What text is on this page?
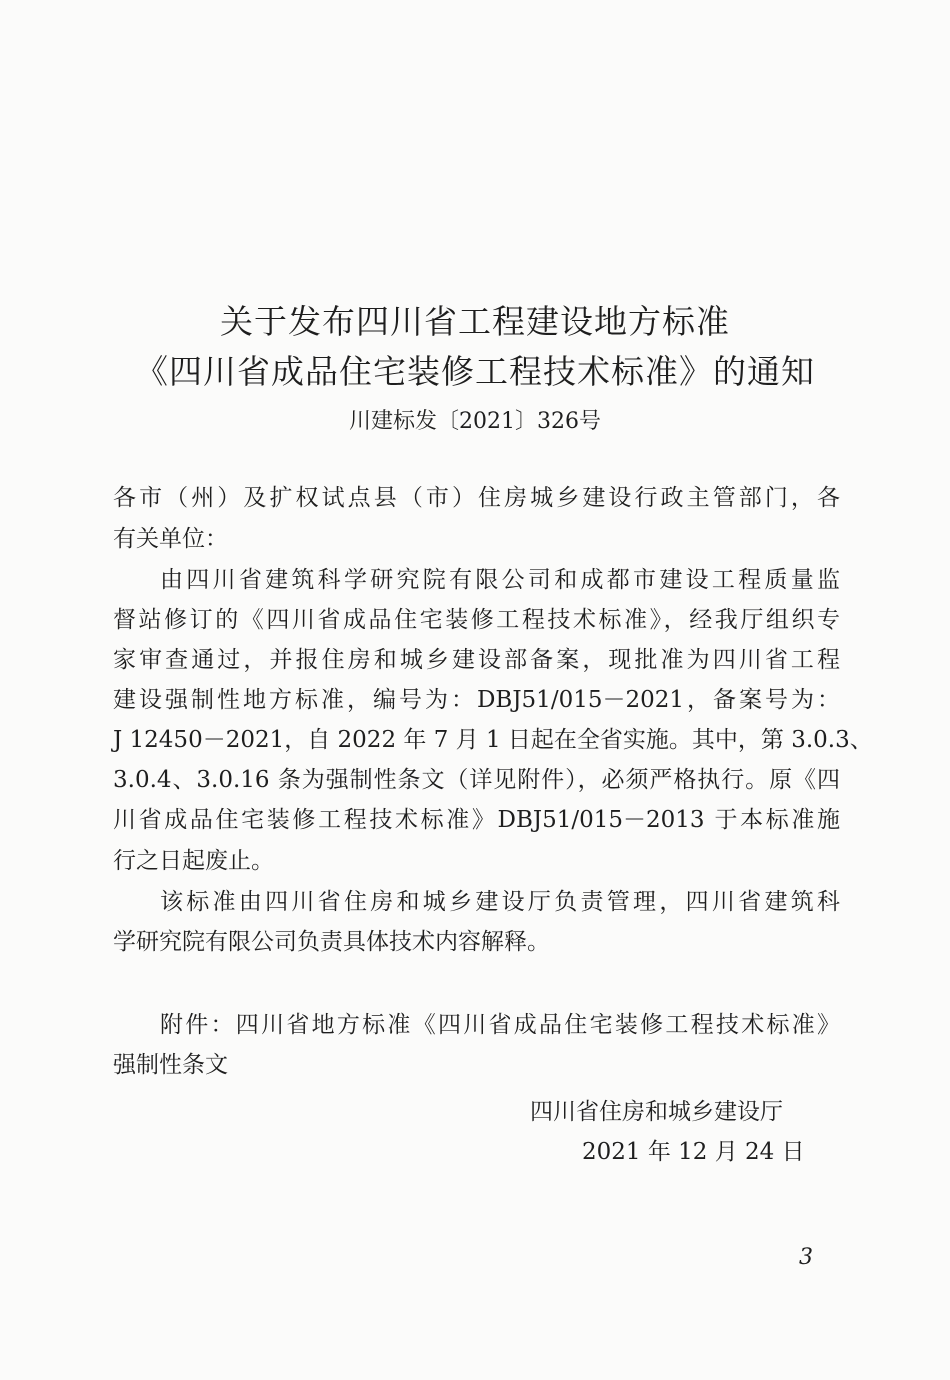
关于发布四川省工程建设地方标准
《四川省成品住宅装修工程技术标准》的通知
川建标发〔2021〕326号
各市（州）及扩权试点县（市）住房城乡建设行政主管部门，各
有关单位：
由四川省建筑科学研究院有限公司和成都市建设工程质量监
督站修订的《四川省成品住宅装修工程技术标准》，经我厅组织专
家审查通过，并报住房和城乡建设部备案，现批准为四川省工程
建设强制性地方标准，编号为：DBJ51/015－2021，备案号为：
J 12450－2021，自 2022 年 7 月 1 日起在全省实施。其中，第 3.0.3、
3.0.4、3.0.16 条为强制性条文（详见附件），必须严格执行。原《四
川省成品住宅装修工程技术标准》DBJ51/015－2013 于本标准施
行之日起废止。
该标准由四川省住房和城乡建设厅负责管理，四川省建筑科
学研究院有限公司负责具体技术内容解释。
附件：四川省地方标准《四川省成品住宅装修工程技术标准》
强制性条文
四川省住房和城乡建设厅
2021 年 12 月 24 日
3
